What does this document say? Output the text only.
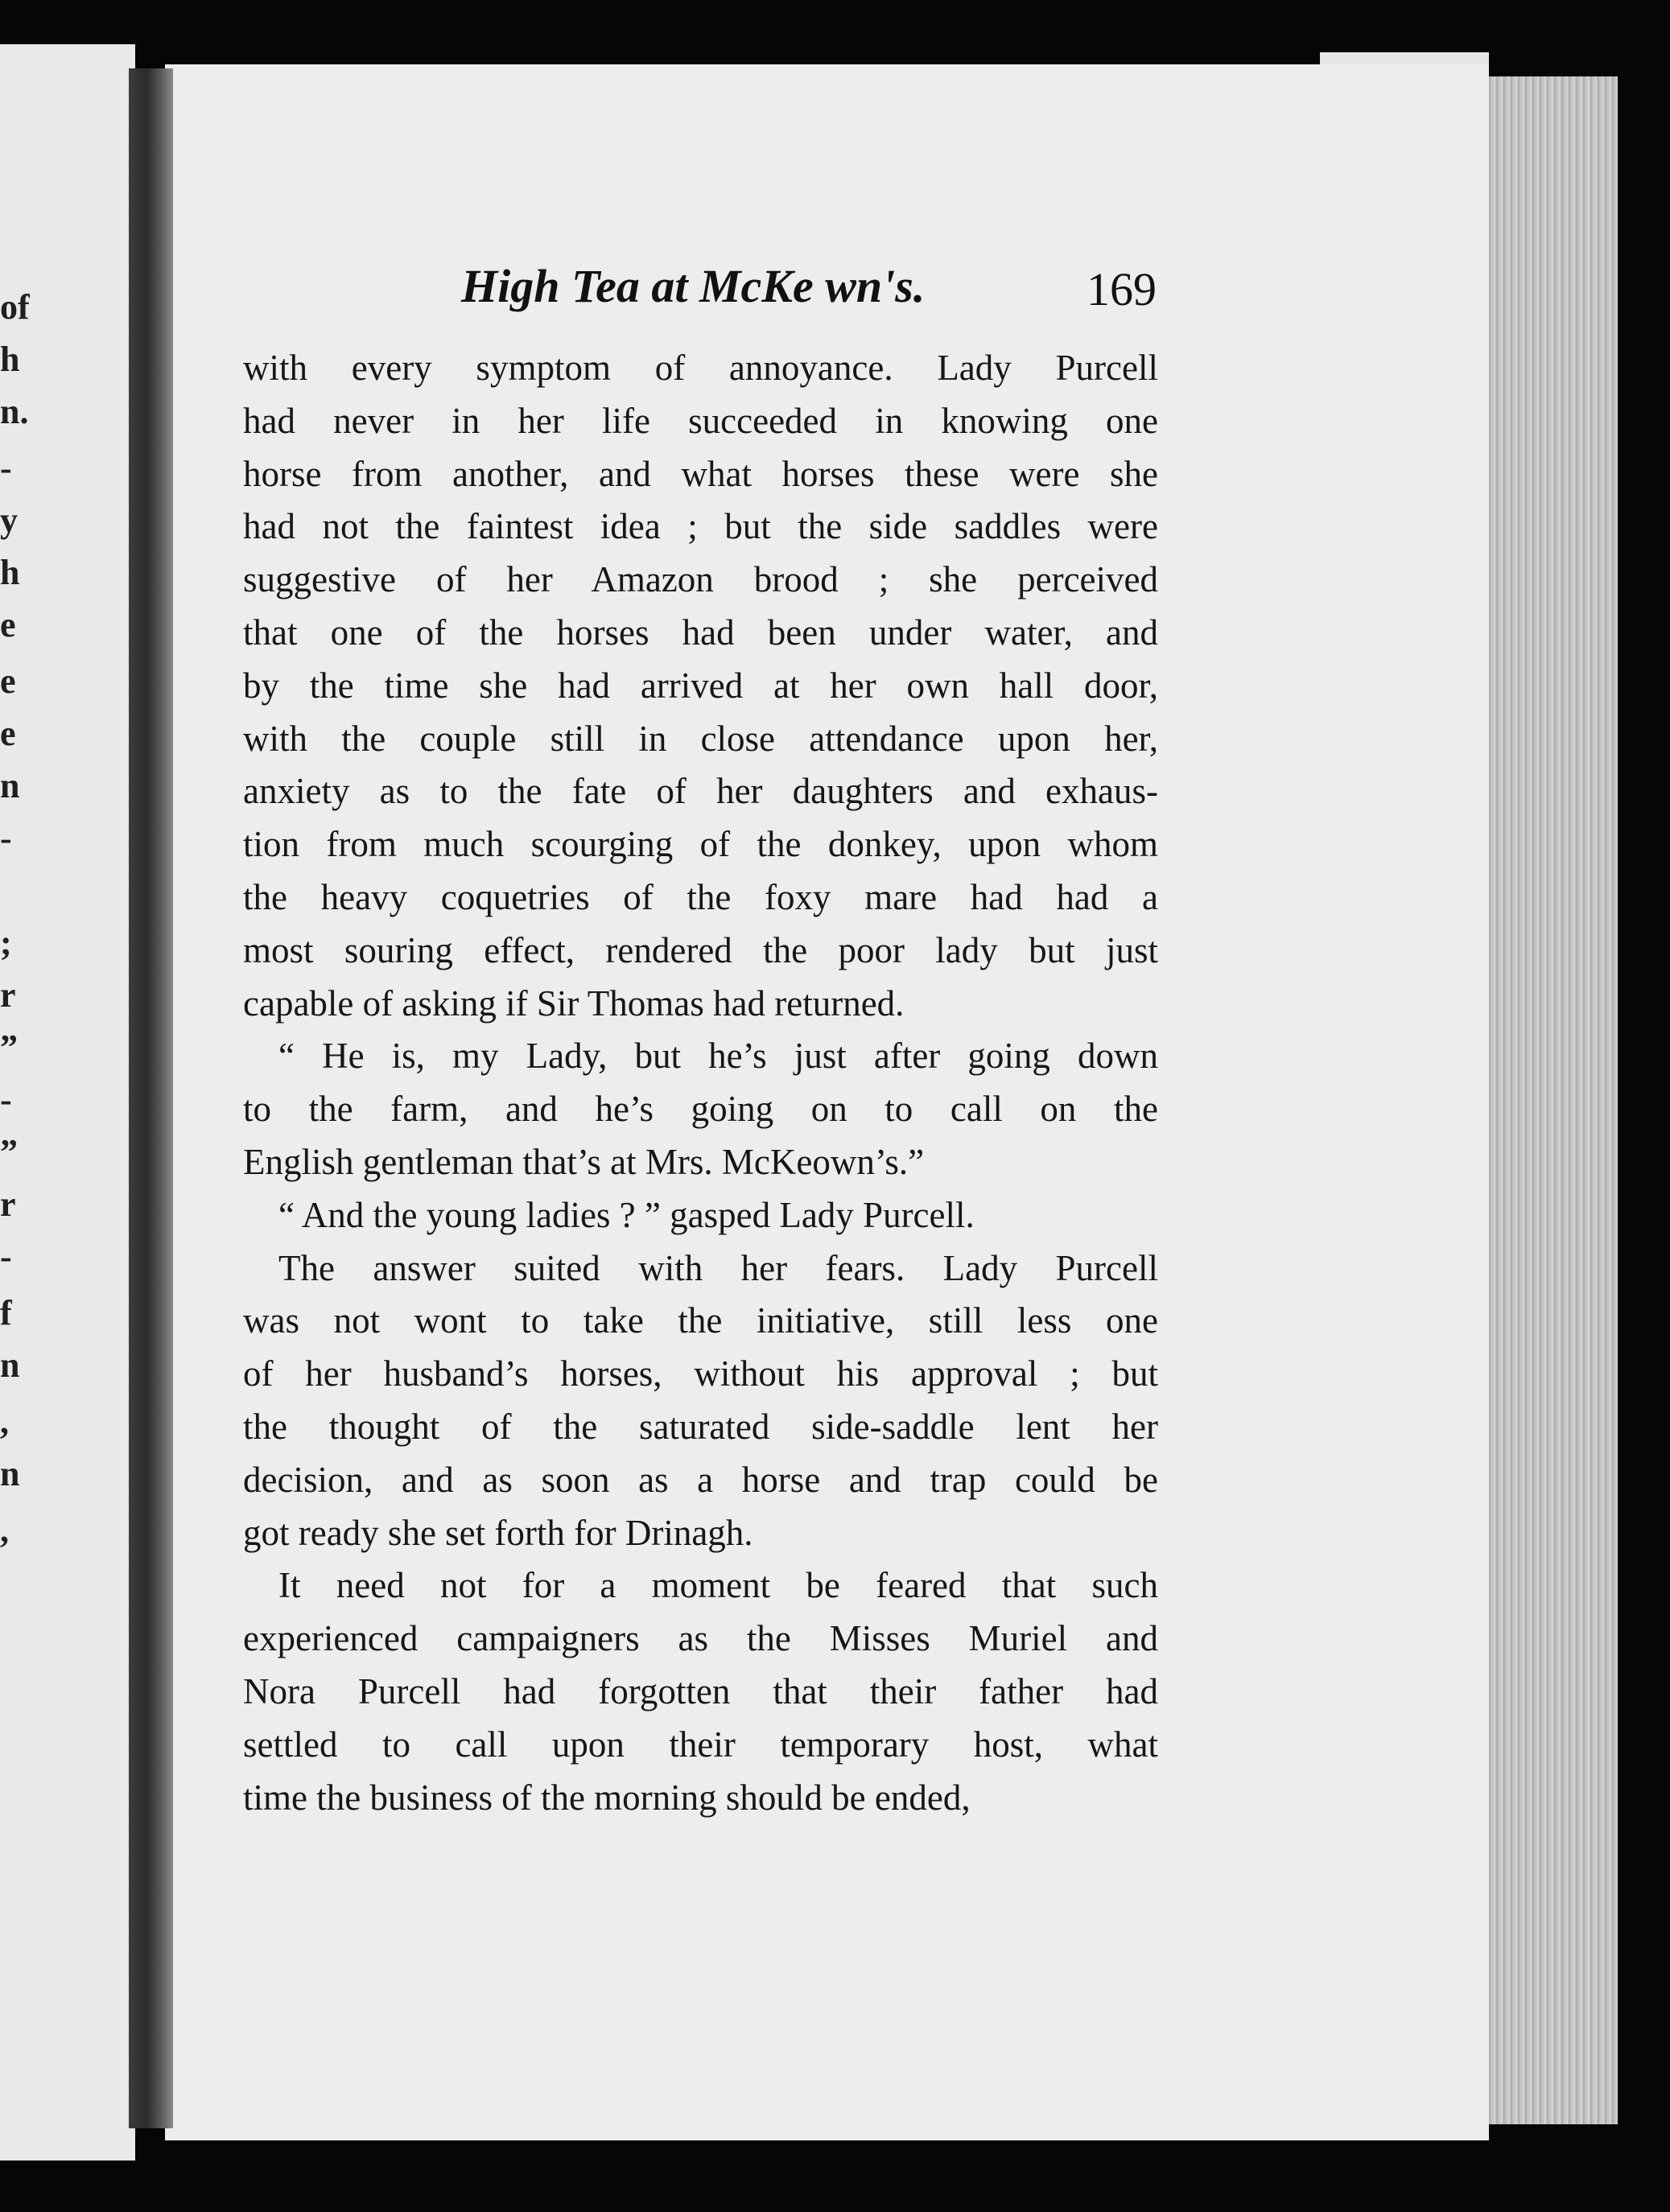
of
h
n.
-
y
h
e
e
e
n
-
;
r
”
-
”
r
-
f
n
,
n
,
High Tea at McKe wn's.	169
with every symptom of annoyance. Lady Purcell
had never in her life succeeded in knowing one
horse from another, and what horses these were she
had not the faintest idea ; but the side saddles were
suggestive of her Amazon brood ; she perceived
that one of the horses had been under water, and
by the time she had arrived at her own hall door,
with the couple still in close attendance upon her,
anxiety as to the fate of her daughters and exhaus-
tion from much scourging of the donkey, upon whom
the heavy coquetries of the foxy mare had had a
most souring effect, rendered the poor lady but just
capable of asking if Sir Thomas had returned.
“ He is, my Lady, but he’s just after going down
to the farm, and he’s going on to call on the
English gentleman that’s at Mrs. McKeown’s.”
“ And the young ladies ? ” gasped Lady Purcell.
The answer suited with her fears. Lady Purcell
was not wont to take the initiative, still less one
of her husband’s horses, without his approval ; but
the thought of the saturated side-saddle lent her
decision, and as soon as a horse and trap could be
got ready she set forth for Drinagh.
It need not for a moment be feared that such
experienced campaigners as the Misses Muriel and
Nora Purcell had forgotten that their father had
settled to call upon their temporary host, what
time the business of the morning should be ended,
